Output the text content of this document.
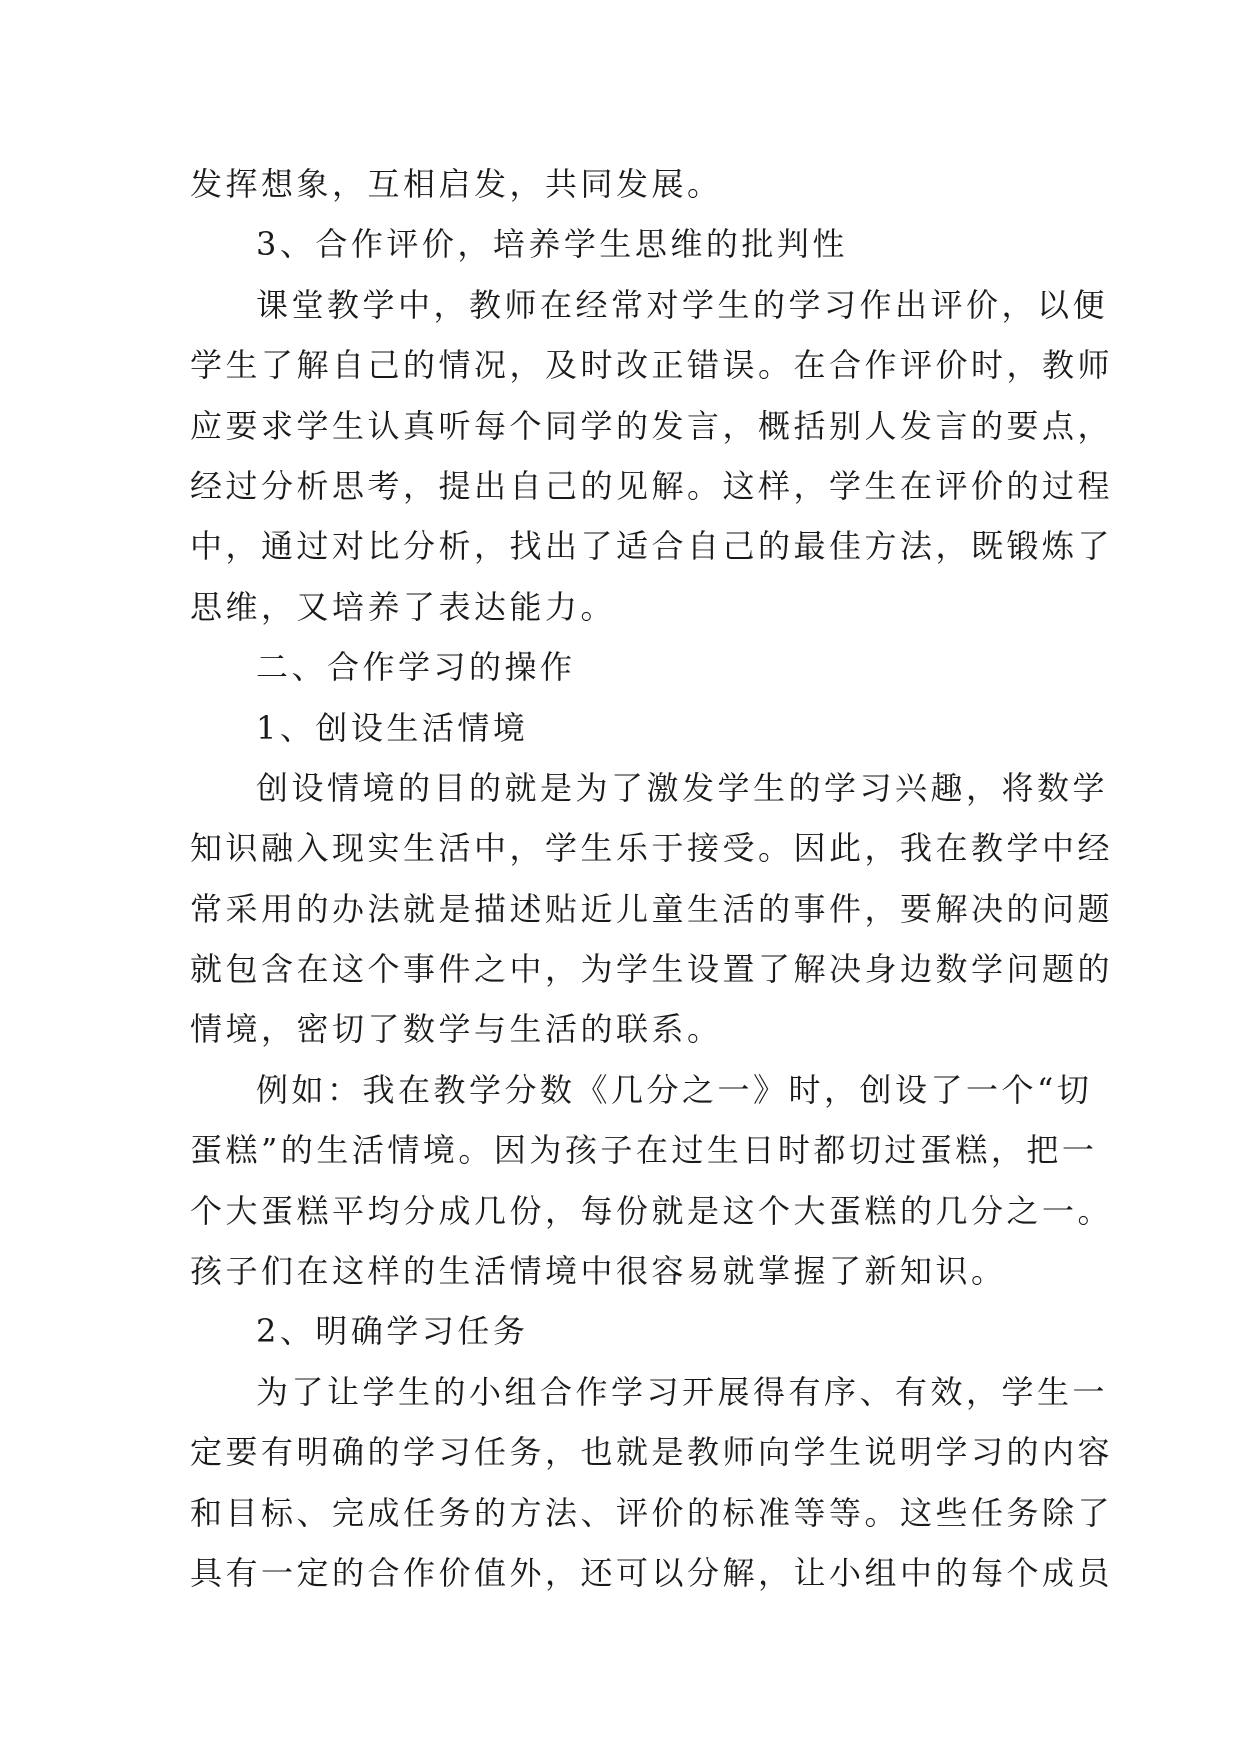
发挥想象，互相启发，共同发展。
3、合作评价，培养学生思维的批判性
课堂教学中，教师在经常对学生的学习作出评价，以便
学生了解自己的情况，及时改正错误。在合作评价时，教师
应要求学生认真听每个同学的发言，概括别人发言的要点，
经过分析思考，提出自己的见解。这样，学生在评价的过程
中，通过对比分析，找出了适合自己的最佳方法，既锻炼了
思维，又培养了表达能力。
二、合作学习的操作
1、创设生活情境
创设情境的目的就是为了激发学生的学习兴趣，将数学
知识融入现实生活中，学生乐于接受。因此，我在教学中经
常采用的办法就是描述贴近儿童生活的事件，要解决的问题
就包含在这个事件之中，为学生设置了解决身边数学问题的
情境，密切了数学与生活的联系。
例如：我在教学分数《几分之一》时，创设了一个“切
蛋糕”的生活情境。因为孩子在过生日时都切过蛋糕，把一
个大蛋糕平均分成几份，每份就是这个大蛋糕的几分之一。
孩子们在这样的生活情境中很容易就掌握了新知识。
2、明确学习任务
为了让学生的小组合作学习开展得有序、有效，学生一
定要有明确的学习任务，也就是教师向学生说明学习的内容
和目标、完成任务的方法、评价的标准等等。这些任务除了
具有一定的合作价值外，还可以分解，让小组中的每个成员
